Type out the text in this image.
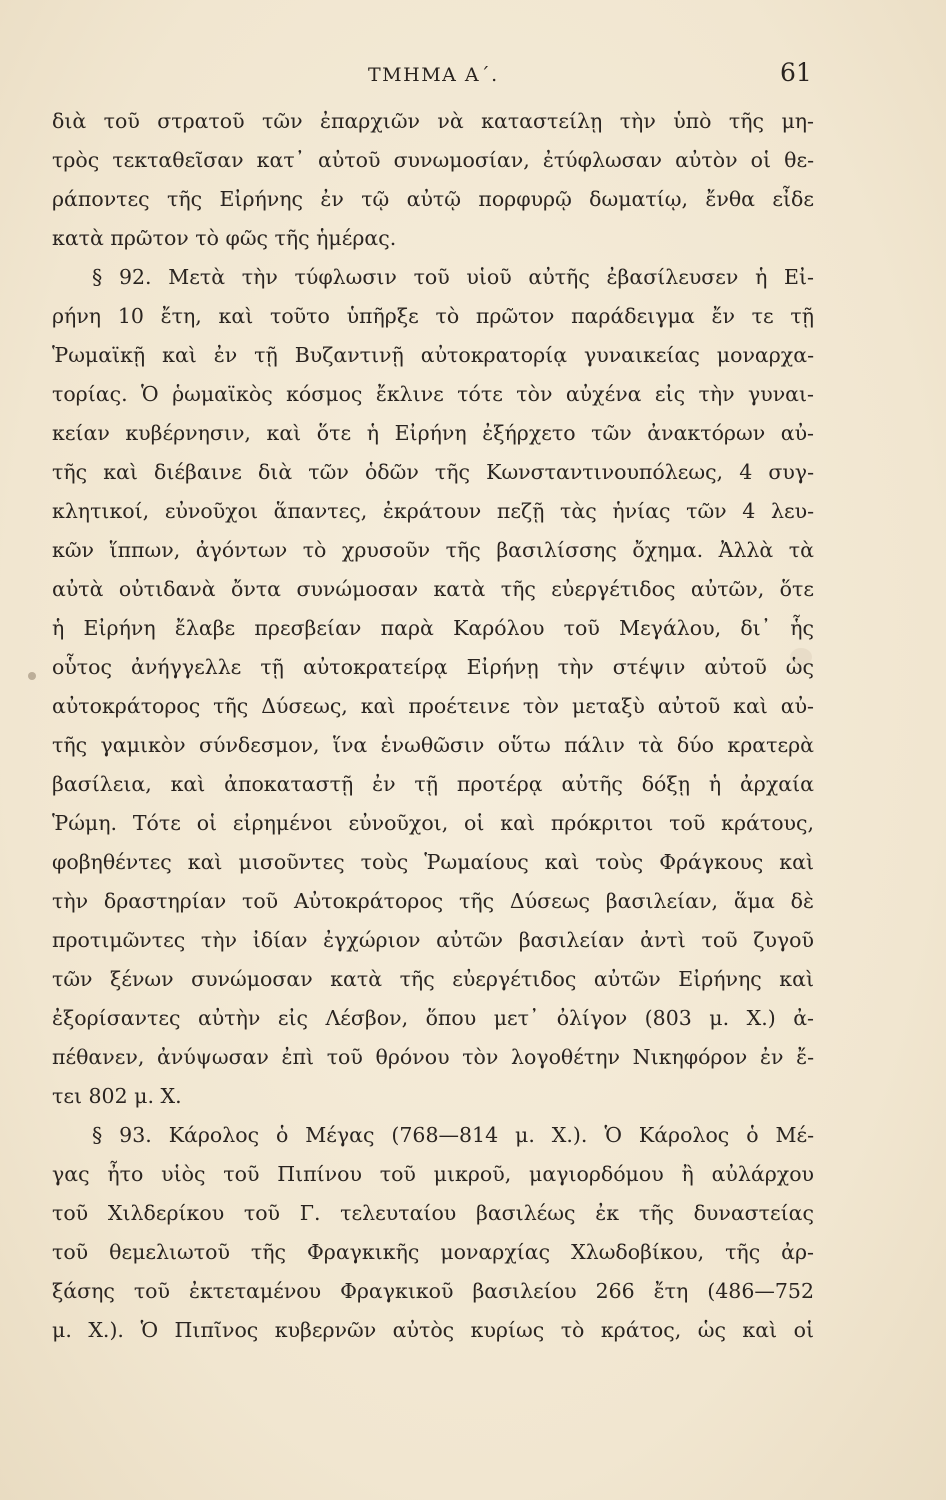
ΤΜΗΜΑ Α΄.	61
διὰ τοῦ στρατοῦ τῶν ἐπαρχιῶν νὰ καταστείλῃ τὴν ὑπὸ τῆς μη-
τρὸς τεκταθεῖσαν κατ᾽ αὐτοῦ συνωμοσίαν, ἐτύφλωσαν αὐτὸν οἱ θε-
ράποντες τῆς Εἰρήνης ἐν τῷ αὐτῷ πορφυρῷ δωματίῳ, ἔνθα εἶδε
κατὰ πρῶτον τὸ φῶς τῆς ἡμέρας.
§ 92. Μετὰ τὴν τύφλωσιν τοῦ υἱοῦ αὐτῆς ἐβασίλευσεν ἡ Εἰ-
ρήνη 10 ἔτη, καὶ τοῦτο ὑπῆρξε τὸ πρῶτον παράδειγμα ἔν τε τῇ
Ῥωμαϊκῇ καὶ ἐν τῇ Βυζαντινῇ αὐτοκρατορίᾳ γυναικείας μοναρχα-
τορίας. Ὁ ῥωμαϊκὸς κόσμος ἔκλινε τότε τὸν αὐχένα εἰς τὴν γυναι-
κείαν κυβέρνησιν, καὶ ὅτε ἡ Εἰρήνη ἐξήρχετο τῶν ἀνακτόρων αὐ-
τῆς καὶ διέβαινε διὰ τῶν ὁδῶν τῆς Κωνσταντινουπόλεως, 4 συγ-
κλητικοί, εὐνοῦχοι ἅπαντες, ἐκράτουν πεζῇ τὰς ἡνίας τῶν 4 λευ-
κῶν ἵππων, ἀγόντων τὸ χρυσοῦν τῆς βασιλίσσης ὄχημα. Ἀλλὰ τὰ
αὐτὰ οὐτιδανὰ ὄντα συνώμοσαν κατὰ τῆς εὐεργέτιδος αὐτῶν, ὅτε
ἡ Εἰρήνη ἔλαβε πρεσβείαν παρὰ Καρόλου τοῦ Μεγάλου, δι᾽ ἧς
οὗτος ἀνήγγελλε τῇ αὐτοκρατείρᾳ Εἰρήνῃ τὴν στέψιν αὐτοῦ ὡς
αὐτοκράτορος τῆς Δύσεως, καὶ προέτεινε τὸν μεταξὺ αὐτοῦ καὶ αὐ-
τῆς γαμικὸν σύνδεσμον, ἵνα ἑνωθῶσιν οὕτω πάλιν τὰ δύο κρατερὰ
βασίλεια, καὶ ἀποκαταστῇ ἐν τῇ προτέρᾳ αὐτῆς δόξῃ ἡ ἀρχαία
Ῥώμη. Τότε οἱ εἰρημένοι εὐνοῦχοι, οἱ καὶ πρόκριτοι τοῦ κράτους,
φοβηθέντες καὶ μισοῦντες τοὺς Ῥωμαίους καὶ τοὺς Φράγκους καὶ
τὴν δραστηρίαν τοῦ Αὐτοκράτορος τῆς Δύσεως βασιλείαν, ἅμα δὲ
προτιμῶντες τὴν ἰδίαν ἐγχώριον αὐτῶν βασιλείαν ἀντὶ τοῦ ζυγοῦ
τῶν ξένων συνώμοσαν κατὰ τῆς εὐεργέτιδος αὐτῶν Εἰρήνης καὶ
ἐξορίσαντες αὐτὴν εἰς Λέσβον, ὅπου μετ᾽ ὀλίγον (803 μ. Χ.) ἀ-
πέθανεν, ἀνύψωσαν ἐπὶ τοῦ θρόνου τὸν λογοθέτην Νικηφόρον ἐν ἔ-
τει 802 μ. Χ.
§ 93. Κάρολος ὁ Μέγας (768—814 μ. Χ.). Ὁ Κάρολος ὁ Μέ-
γας ἦτο υἱὸς τοῦ Πιπίνου τοῦ μικροῦ, μαγιορδόμου ἢ αὐλάρχου
τοῦ Χιλδερίκου τοῦ Γ. τελευταίου βασιλέως ἐκ τῆς δυναστείας
τοῦ θεμελιωτοῦ τῆς Φραγκικῆς μοναρχίας Χλωδοβίκου, τῆς ἀρ-
ξάσης τοῦ ἐκτεταμένου Φραγκικοῦ βασιλείου 266 ἔτη (486—752
μ. Χ.). Ὁ Πιπῖνος κυβερνῶν αὐτὸς κυρίως τὸ κράτος, ὡς καὶ οἱ
